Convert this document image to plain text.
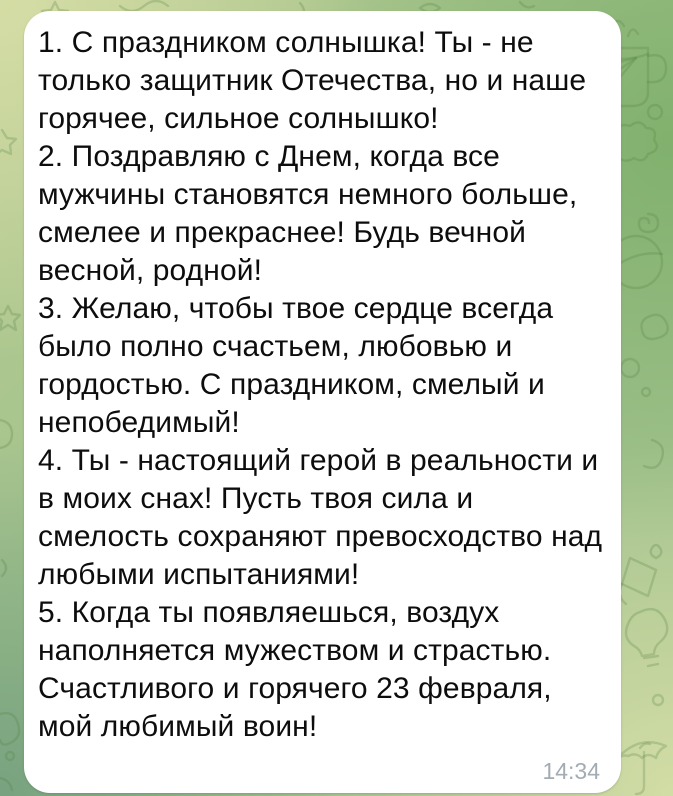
1. С праздником солнышка! Ты - не только защитник Отечества, но и наше горячее, сильное солнышко!

2. Поздравляю с Днем, когда все мужчины становятся немного больше, смелее и прекраснее! Будь вечной весной, родной!

3. Желаю, чтобы твое сердце всегда было полно счастьем, любовью и гордостью. С праздником, смелый и непобедимый!

4. Ты - настоящий герой в реальности и в моих снах! Пусть твоя сила и смелость сохраняют превосходство над любыми испытаниями!

5. Когда ты появляешься, воздух наполняется мужеством и страстью. Счастливого и горячего 23 февраля, мой любимый воин!

14:34
